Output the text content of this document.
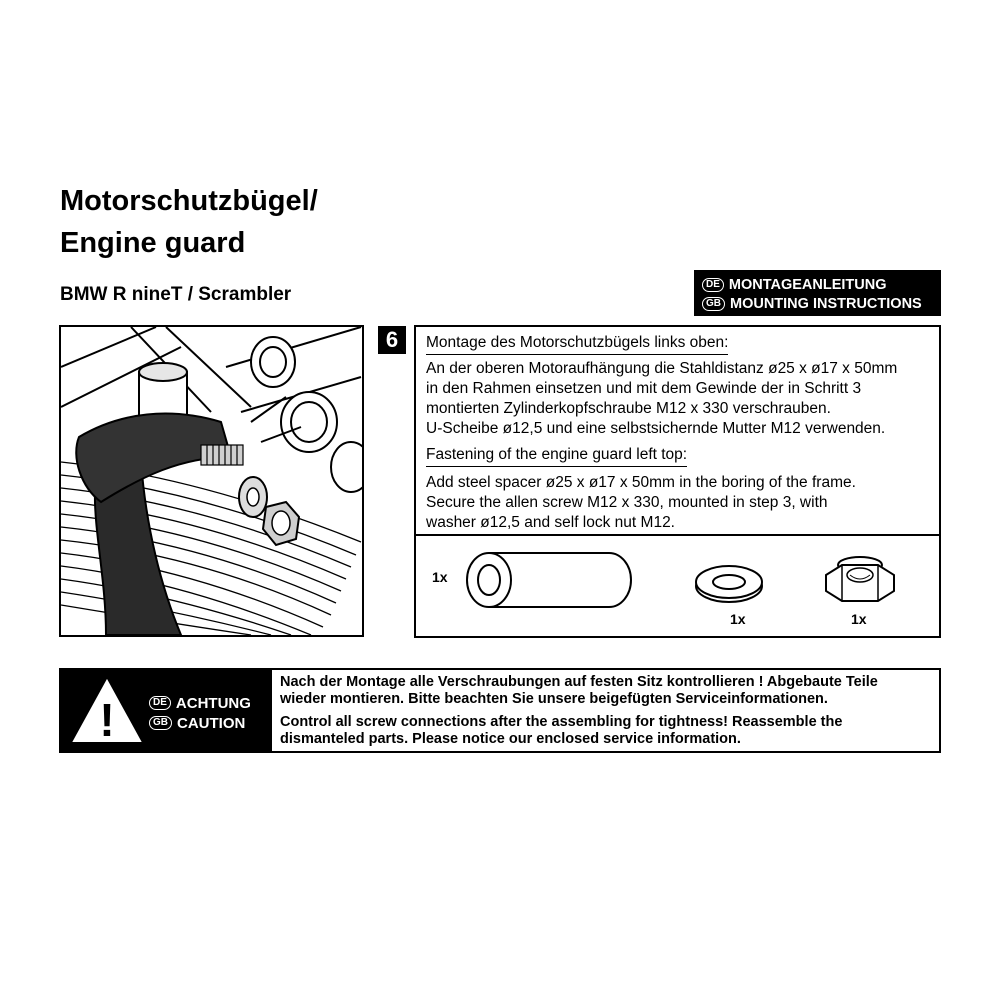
Motorschutzbügel/
Engine guard
BMW R nineT / Scrambler	DE MONTAGEANLEITUNG
GB MOUNTING INSTRUCTIONS
6	Montage des Motorschutzbügels links oben:
An der oberen Motoraufhängung die Stahldistanz ø25 x ø17 x 50mm
in den Rahmen einsetzen und mit dem Gewinde der in Schritt 3
montierten Zylinderkopfschraube M12 x 330 verschrauben.
U-Scheibe ø12,5 und eine selbstsichernde Mutter M12 verwenden.
Fastening of the engine guard left top:
Add steel spacer ø25 x ø17 x 50mm in the boring of the frame.
Secure the allen screw M12 x 330, mounted in step 3, with
washer ø12,5 and self lock nut M12.
1x
1x	1x
!	DE ACHTUNG
GB CAUTION

Nach der Montage alle Verschraubungen auf festen Sitz kontrollieren ! Abgebaute Teile
wieder montieren. Bitte beachten Sie unsere beigefügten Serviceinformationen.

Control all screw connections after the assembling for tightness! Reassemble the
dismanteled parts. Please notice our enclosed service information.
